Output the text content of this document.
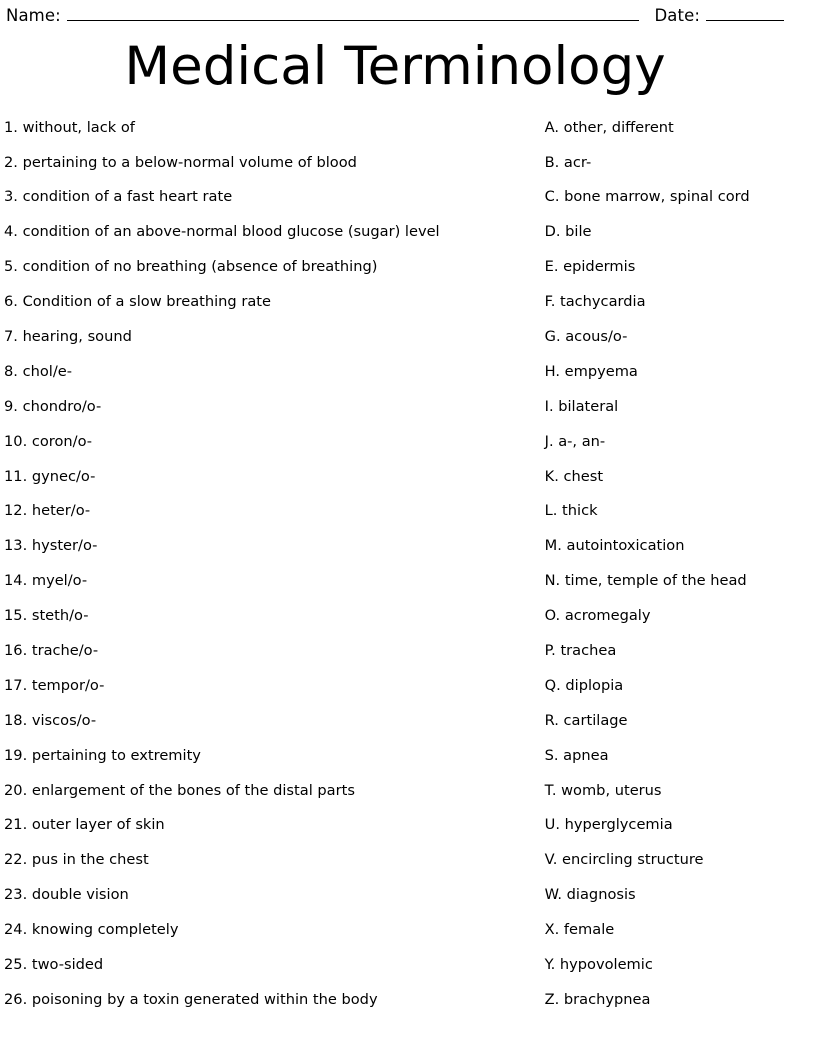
Name:	Date:
Medical Terminology
1. without, lack of
2. pertaining to a below-normal volume of blood
3. condition of a fast heart rate
4. condition of an above-normal blood glucose (sugar) level
5. condition of no breathing (absence of breathing)
6. Condition of a slow breathing rate
7. hearing, sound
8. chol/e-
9. chondro/o-
10. coron/o-
11. gynec/o-
12. heter/o-
13. hyster/o-
14. myel/o-
15. steth/o-
16. trache/o-
17. tempor/o-
18. viscos/o-
19. pertaining to extremity
20. enlargement of the bones of the distal parts
21. outer layer of skin
22. pus in the chest
23. double vision
24. knowing completely
25. two-sided
26. poisoning by a toxin generated within the body
A. other, different
B. acr-
C. bone marrow, spinal cord
D. bile
E. epidermis
F. tachycardia
G. acous/o-
H. empyema
I. bilateral
J. a-, an-
K. chest
L. thick
M. autointoxication
N. time, temple of the head
O. acromegaly
P. trachea
Q. diplopia
R. cartilage
S. apnea
T. womb, uterus
U. hyperglycemia
V. encircling structure
W. diagnosis
X. female
Y. hypovolemic
Z. brachypnea
